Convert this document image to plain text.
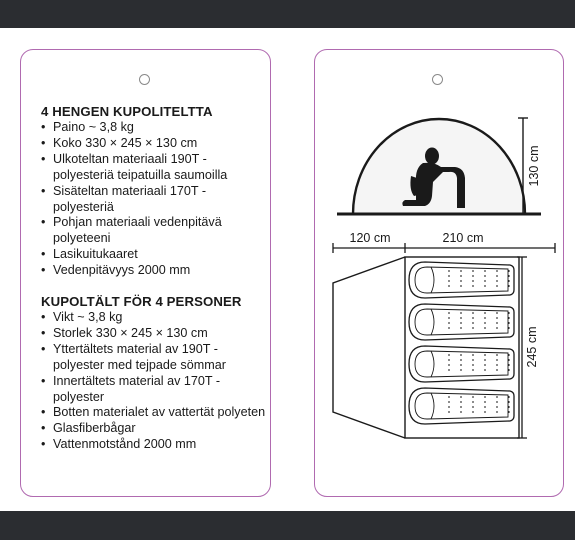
4 HENGEN KUPOLITELTTA
• Paino ~ 3,8 kg
• Koko 330 × 245 × 130 cm
• Ulkoteltan materiaali 190T - polyesteriä teipatuilla saumoilla
• Sisäteltan materiaali 170T - polyesteriä
• Pohjan materiaali vedenpitävä polyeteeni
• Lasikuitukaaret
• Vedenpitävyys 2000 mm
KUPOLTÄLT FÖR 4 PERSONER
• Vikt ~ 3,8 kg
• Storlek 330 × 245 × 130 cm
• Yttertältets material av 190T - polyester med tejpade sömmar
• Innertältets material av 170T - polyester
• Botten materialet av vattertät polyeten
• Glasfiberbågar
• Vattenmotstånd 2000 mm
130 cm
120 cm	210 cm
245 cm
